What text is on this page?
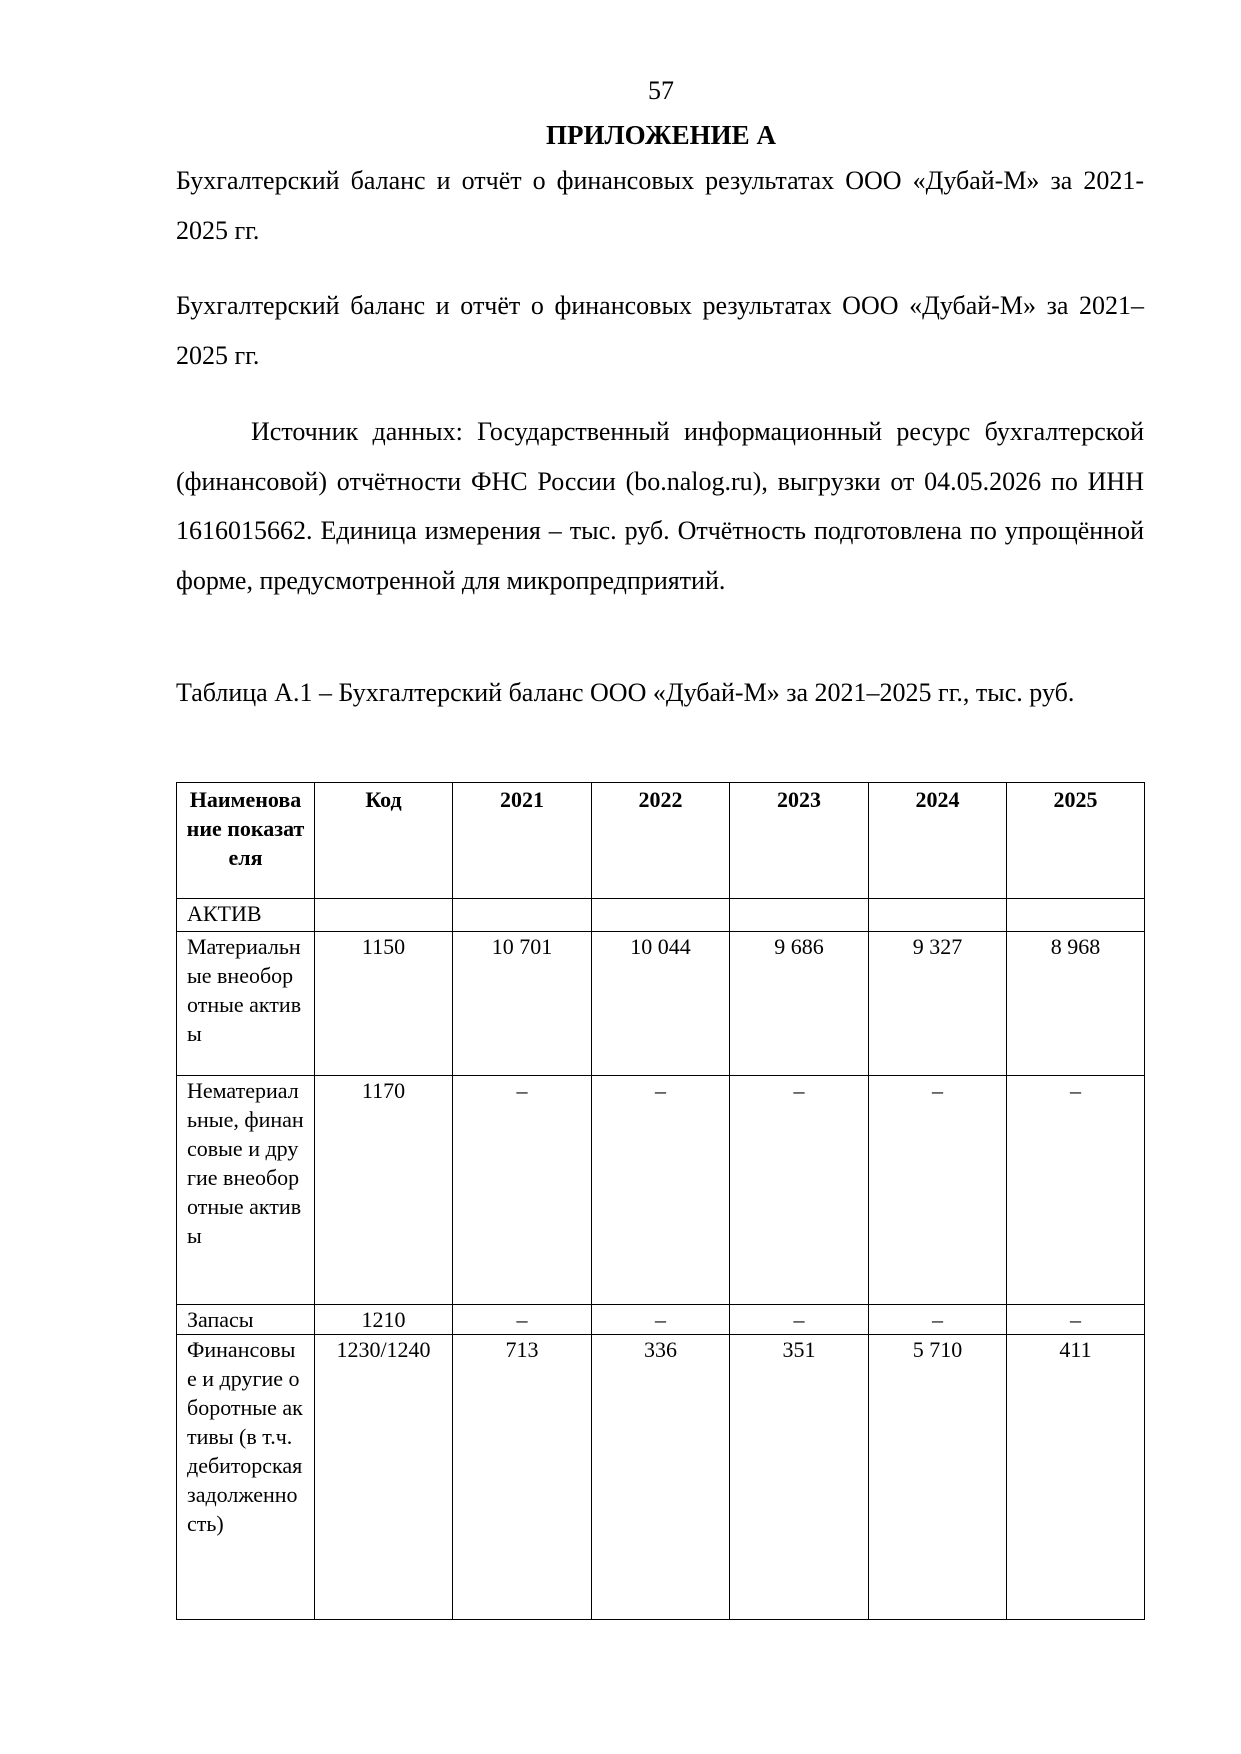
57
ПРИЛОЖЕНИЕ А

Бухгалтерский баланс и отчёт о финансовых результатах ООО «Дубай-М» за 2021-2025 гг.

Бухгалтерский баланс и отчёт о финансовых результатах ООО «Дубай-М» за 2021–2025 гг.

Источник данных: Государственный информационный ресурс бухгалтерской (финансовой) отчётности ФНС России (bo.nalog.ru), выгрузки от 04.05.2026 по ИНН 1616015662. Единица измерения – тыс. руб. Отчётность подготовлена по упрощённой форме, предусмотренной для микропредприятий.

Таблица А.1 – Бухгалтерский баланс ООО «Дубай-М» за 2021–2025 гг., тыс. руб.

Наименование показателя	Код	2021	2022	2023	2024	2025
АКТИВ						
Материальные внеоборотные активы	1150	10 701	10 044	9 686	9 327	8 968
Нематериальные, финансовые и другие внеоборотные активы	1170	–	–	–	–	–
Запасы	1210	–	–	–	–	–
Финансовые и другие оборотные активы (в т.ч. дебиторская задолженность)	1230/1240	713	336	351	5 710	411
